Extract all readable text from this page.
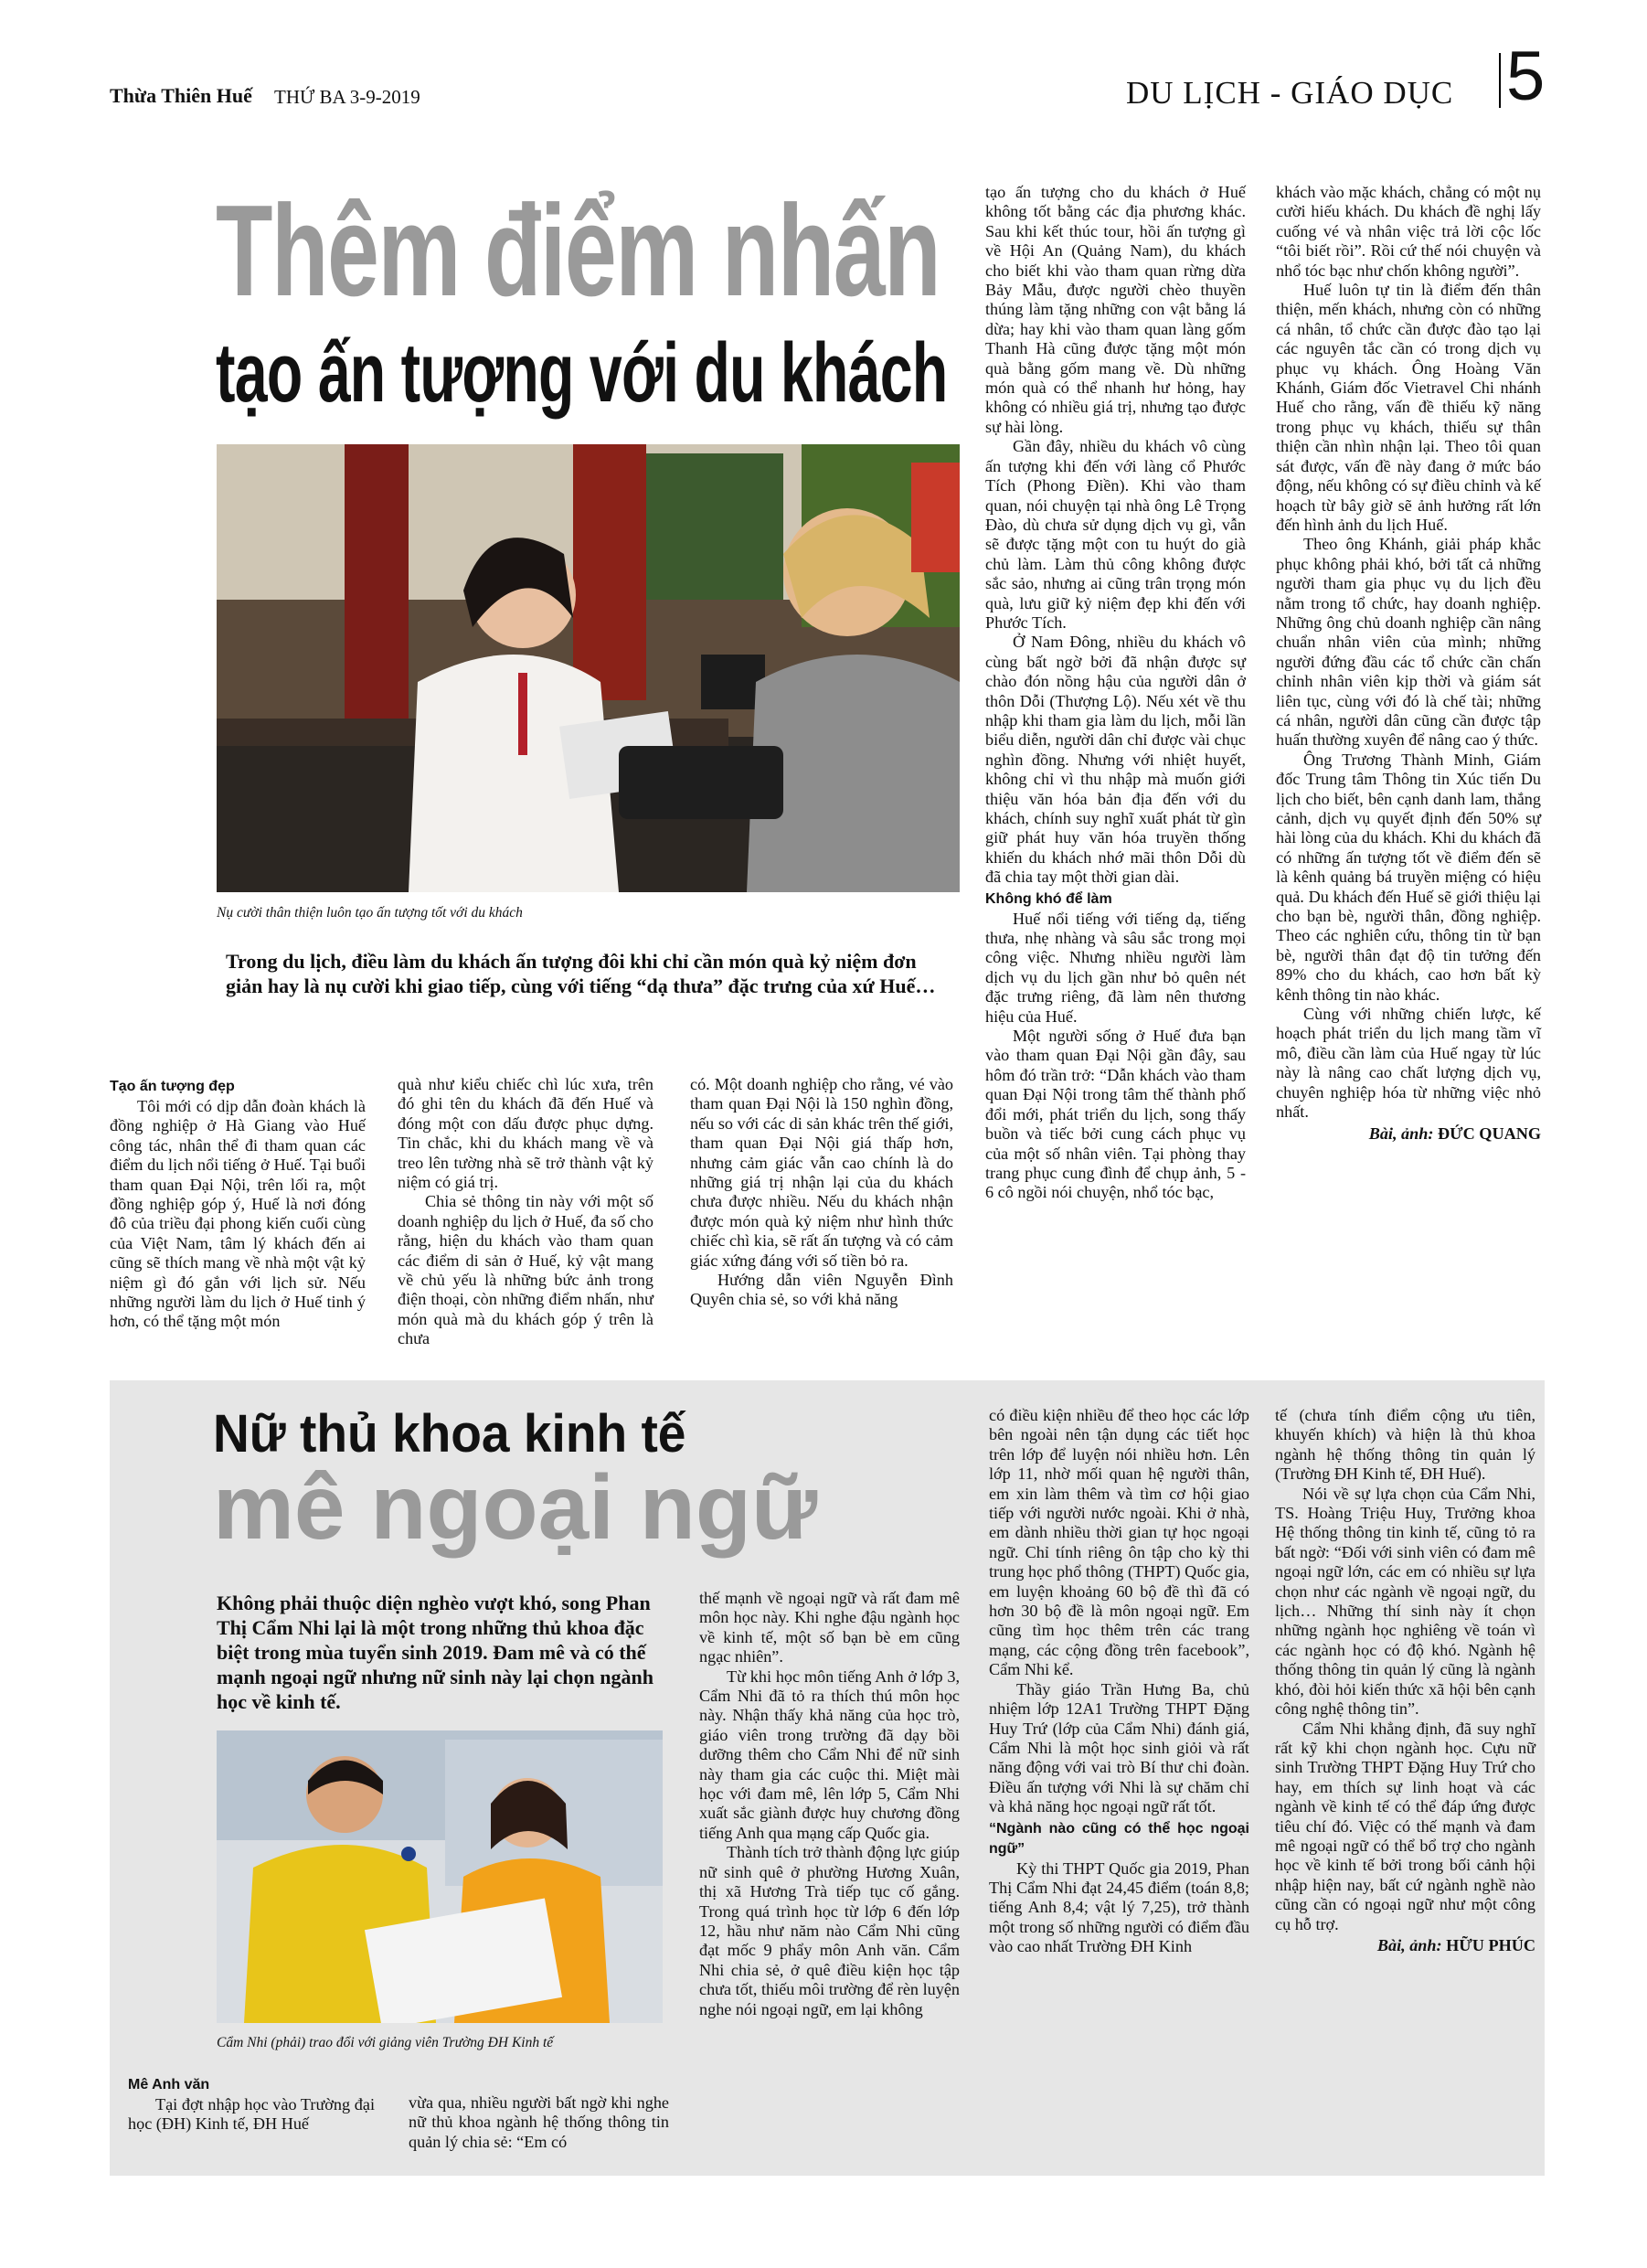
Thừa Thiên Huế THỨ BA 3-9-2019	DU LỊCH - GIÁO DỤC 5
Thêm điểm nhấn
tạo ấn tượng với du khách
Nụ cười thân thiện luôn tạo ấn tượng tốt với du khách
Trong du lịch, điều làm du khách ấn tượng đôi khi chỉ cần món quà kỷ niệm đơn giản hay là nụ cười khi giao tiếp, cùng với tiếng “dạ thưa” đặc trưng của xứ Huế…
Tạo ấn tượng đẹp

Tôi mới có dịp dẫn đoàn khách là đồng nghiệp ở Hà Giang vào Huế công tác, nhân thể đi tham quan các điểm du lịch nổi tiếng ở Huế. Tại buổi tham quan Đại Nội, trên lối ra, một đồng nghiệp góp ý, Huế là nơi đóng đô của triều đại phong kiến cuối cùng của Việt Nam, tâm lý khách đến ai cũng sẽ thích mang về nhà một vật kỷ niệm gì đó gắn với lịch sử. Nếu những người làm du lịch ở Huế tinh ý hơn, có thể tặng một món

quà như kiểu chiếc chì lúc xưa, trên đó ghi tên du khách đã đến Huế và đóng một con dấu được phục dựng. Tin chắc, khi du khách mang về và treo lên tường nhà sẽ trở thành vật kỷ niệm có giá trị.

Chia sẻ thông tin này với một số doanh nghiệp du lịch ở Huế, đa số cho rằng, hiện du khách vào tham quan các điểm di sản ở Huế, kỷ vật mang về chủ yếu là những bức ảnh trong điện thoại, còn những điểm nhấn, như món quà mà du khách góp ý trên là chưa

có. Một doanh nghiệp cho rằng, vé vào tham quan Đại Nội là 150 nghìn đồng, nếu so với các di sản khác trên thế giới, tham quan Đại Nội giá thấp hơn, nhưng cảm giác vẫn cao chính là do những giá trị nhận lại của du khách chưa được nhiều. Nếu du khách nhận được món quà kỷ niệm như hình thức chiếc chì kia, sẽ rất ấn tượng và có cảm giác xứng đáng với số tiền bỏ ra.

Hướng dẫn viên Nguyễn Đình Quyên chia sẻ, so với khả năng

tạo ấn tượng cho du khách ở Huế không tốt bằng các địa phương khác. Sau khi kết thúc tour, hồi ấn tượng gì về Hội An (Quảng Nam), du khách cho biết khi vào tham quan rừng dừa Bảy Mẫu, được người chèo thuyền thúng làm tặng những con vật bằng lá dừa; hay khi vào tham quan làng gốm Thanh Hà cũng được tặng một món quà bằng gốm mang về. Dù những món quà có thể nhanh hư hỏng, hay không có nhiều giá trị, nhưng tạo được sự hài lòng.

Gần đây, nhiều du khách vô cùng ấn tượng khi đến với làng cổ Phước Tích (Phong Điền). Khi vào tham quan, nói chuyện tại nhà ông Lê Trọng Đào, dù chưa sử dụng dịch vụ gì, vẫn sẽ được tặng một con tu huýt do già chủ làm. Làm thủ công không được sắc sảo, nhưng ai cũng trân trọng món quà, lưu giữ kỷ niệm đẹp khi đến với Phước Tích.

Ở Nam Đông, nhiều du khách vô cùng bất ngờ bởi đã nhận được sự chào đón nồng hậu của người dân ở thôn Dỗi (Thượng Lộ). Nếu xét về thu nhập khi tham gia làm du lịch, mỗi lần biểu diễn, người dân chỉ được vài chục nghìn đồng. Nhưng với nhiệt huyết, không chỉ vì thu nhập mà muốn giới thiệu văn hóa bản địa đến với du khách, chính suy nghĩ xuất phát từ gìn giữ phát huy văn hóa truyền thống khiến du khách nhớ mãi thôn Dỗi dù đã chia tay một thời gian dài.

Không khó để làm

Huế nổi tiếng với tiếng dạ, tiếng thưa, nhẹ nhàng và sâu sắc trong mọi công việc. Nhưng nhiều người làm dịch vụ du lịch gần như bỏ quên nét đặc trưng riêng, đã làm nên thương hiệu của Huế.

Một người sống ở Huế đưa bạn vào tham quan Đại Nội gần đây, sau hôm đó trần trở: “Dẫn khách vào tham quan Đại Nội trong tâm thế thành phố đổi mới, phát triển du lịch, song thấy buồn và tiếc bởi cung cách phục vụ của một số nhân viên. Tại phòng thay trang phục cung đình để chụp ảnh, 5 - 6 cô ngồi nói chuyện, nhổ tóc bạc,

khách vào mặc khách, chẳng có một nụ cười hiếu khách. Du khách đề nghị lấy cuống vé và nhân việc trả lời cộc lốc “tôi biết rồi”. Rồi cứ thế nói chuyện và nhổ tóc bạc như chốn không người”.

Huế luôn tự tin là điểm đến thân thiện, mến khách, nhưng còn có những cá nhân, tổ chức cần được đào tạo lại các nguyên tắc cần có trong dịch vụ phục vụ khách. Ông Hoàng Văn Khánh, Giám đốc Vietravel Chi nhánh Huế cho rằng, vấn đề thiếu kỹ năng trong phục vụ khách, thiếu sự thân thiện cần nhìn nhận lại. Theo tôi quan sát được, vấn đề này đang ở mức báo động, nếu không có sự điều chỉnh và kế hoạch từ bây giờ sẽ ảnh hưởng rất lớn đến hình ảnh du lịch Huế.

Theo ông Khánh, giải pháp khắc phục không phải khó, bởi tất cả những người tham gia phục vụ du lịch đều nằm trong tổ chức, hay doanh nghiệp. Những ông chủ doanh nghiệp cần nâng chuẩn nhân viên của mình; những người đứng đầu các tổ chức cần chấn chỉnh nhân viên kịp thời và giám sát liên tục, cùng với đó là chế tài; những cá nhân, người dân cũng cần được tập huấn thường xuyên để nâng cao ý thức.

Ông Trương Thành Minh, Giám đốc Trung tâm Thông tin Xúc tiến Du lịch cho biết, bên cạnh danh lam, thắng cảnh, dịch vụ quyết định đến 50% sự hài lòng của du khách. Khi du khách đã có những ấn tượng tốt về điểm đến sẽ là kênh quảng bá truyền miệng có hiệu quả. Du khách đến Huế sẽ giới thiệu lại cho bạn bè, người thân, đồng nghiệp. Theo các nghiên cứu, thông tin từ bạn bè, người thân đạt độ tin tưởng đến 89% cho du khách, cao hơn bất kỳ kênh thông tin nào khác.

Cùng với những chiến lược, kế hoạch phát triển du lịch mang tầm vĩ mô, điều cần làm của Huế ngay từ lúc này là nâng cao chất lượng dịch vụ, chuyên nghiệp hóa từ những việc nhỏ nhất.

Bài, ảnh: ĐỨC QUANG
Nữ thủ khoa kinh tế
mê ngoại ngữ
Không phải thuộc diện nghèo vượt khó, song Phan Thị Cẩm Nhi lại là một trong những thủ khoa đặc biệt trong mùa tuyển sinh 2019. Đam mê và có thế mạnh ngoại ngữ nhưng nữ sinh này lại chọn ngành học về kinh tế.
Cẩm Nhi (phải) trao đổi với giảng viên Trường ĐH Kinh tế
Mê Anh văn

Tại đợt nhập học vào Trường đại học (ĐH) Kinh tế, ĐH Huế

vừa qua, nhiều người bất ngờ khi nghe nữ thủ khoa ngành hệ thống thông tin quản lý chia sẻ: “Em có

thế mạnh về ngoại ngữ và rất đam mê môn học này. Khi nghe đậu ngành học về kinh tế, một số bạn bè em cũng ngạc nhiên”.

Từ khi học môn tiếng Anh ở lớp 3, Cẩm Nhi đã tỏ ra thích thú môn học này. Nhận thấy khả năng của học trò, giáo viên trong trường đã dạy bồi dưỡng thêm cho Cẩm Nhi để nữ sinh này tham gia các cuộc thi. Miệt mài học với đam mê, lên lớp 5, Cẩm Nhi xuất sắc giành được huy chương đồng tiếng Anh qua mạng cấp Quốc gia.

Thành tích trở thành động lực giúp nữ sinh quê ở phường Hương Xuân, thị xã Hương Trà tiếp tục cố gắng. Trong quá trình học từ lớp 6 đến lớp 12, hầu như năm nào Cẩm Nhi cũng đạt mốc 9 phẩy môn Anh văn. Cẩm Nhi chia sẻ, ở quê điều kiện học tập chưa tốt, thiếu môi trường để rèn luyện nghe nói ngoại ngữ, em lại không

có điều kiện nhiều để theo học các lớp bên ngoài nên tận dụng các tiết học trên lớp để luyện nói nhiều hơn. Lên lớp 11, nhờ mối quan hệ người thân, em xin làm thêm và tìm cơ hội giao tiếp với người nước ngoài. Khi ở nhà, em dành nhiều thời gian tự học ngoại ngữ. Chỉ tính riêng ôn tập cho kỳ thi trung học phổ thông (THPT) Quốc gia, em luyện khoảng 60 bộ đề thì đã có hơn 30 bộ đề là môn ngoại ngữ. Em cũng tìm học thêm trên các trang mạng, các cộng đồng trên facebook”, Cẩm Nhi kể.

Thầy giáo Trần Hưng Ba, chủ nhiệm lớp 12A1 Trường THPT Đặng Huy Trứ (lớp của Cẩm Nhi) đánh giá, Cẩm Nhi là một học sinh giỏi và rất năng động với vai trò Bí thư chi đoàn. Điều ấn tượng với Nhi là sự chăm chỉ và khả năng học ngoại ngữ rất tốt.

“Ngành nào cũng có thể học ngoại ngữ”

Kỳ thi THPT Quốc gia 2019, Phan Thị Cẩm Nhi đạt 24,45 điểm (toán 8,8; tiếng Anh 8,4; vật lý 7,25), trở thành một trong số những người có điểm đầu vào cao nhất Trường ĐH Kinh

tế (chưa tính điểm cộng ưu tiên, khuyến khích) và hiện là thủ khoa ngành hệ thống thông tin quản lý (Trường ĐH Kinh tế, ĐH Huế).

Nói về sự lựa chọn của Cẩm Nhi, TS. Hoàng Triệu Huy, Trưởng khoa Hệ thống thông tin kinh tế, cũng tỏ ra bất ngờ: “Đối với sinh viên có đam mê ngoại ngữ lớn, các em có nhiều sự lựa chọn như các ngành về ngoại ngữ, du lịch… Những thí sinh này ít chọn những ngành học nghiêng về toán vì các ngành học có độ khó. Ngành hệ thống thông tin quản lý cũng là ngành khó, đòi hỏi kiến thức xã hội bên cạnh công nghệ thông tin”.

Cẩm Nhi khẳng định, đã suy nghĩ rất kỹ khi chọn ngành học. Cựu nữ sinh Trường THPT Đặng Huy Trứ cho hay, em thích sự linh hoạt và các ngành về kinh tế có thể đáp ứng được tiêu chí đó. Việc có thế mạnh và đam mê ngoại ngữ có thể bổ trợ cho ngành học về kinh tế bởi trong bối cảnh hội nhập hiện nay, bất cứ ngành nghề nào cũng cần có ngoại ngữ như một công cụ hỗ trợ.

Bài, ảnh: HỮU PHÚC
